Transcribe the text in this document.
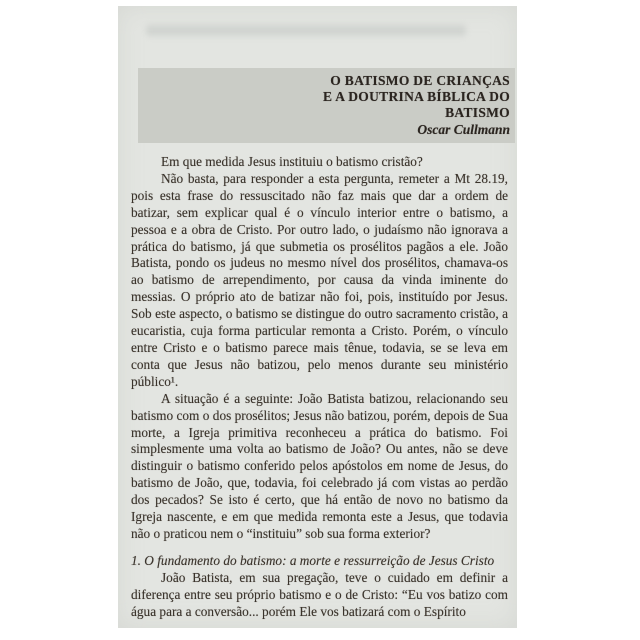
O BATISMO DE CRIANÇAS
E A DOUTRINA BÍBLICA DO
BATISMO
Oscar Cullmann

Em que medida Jesus instituiu o batismo cristão?

Não basta, para responder a esta pergunta, remeter a Mt 28.19, pois esta frase do ressuscitado não faz mais que dar a ordem de batizar, sem explicar qual é o vínculo interior entre o batismo, a pessoa e a obra de Cristo. Por outro lado, o judaísmo não ignorava a prática do batismo, já que submetia os prosélitos pagãos a ele. João Batista, pondo os judeus no mesmo nível dos prosélitos, chamava-os ao batismo de arrependimento, por causa da vinda iminente do messias. O próprio ato de batizar não foi, pois, instituído por Jesus. Sob este aspecto, o batismo se distingue do outro sacramento cristão, a eucaristia, cuja forma particular remonta a Cristo. Porém, o vínculo entre Cristo e o batismo parece mais tênue, todavia, se se leva em conta que Jesus não batizou, pelo menos durante seu ministério público¹.

A situação é a seguinte: João Batista batizou, relacionando seu batismo com o dos prosélitos; Jesus não batizou, porém, depois de Sua morte, a Igreja primitiva reconheceu a prática do batismo. Foi simplesmente uma volta ao batismo de João? Ou antes, não se deve distinguir o batismo conferido pelos apóstolos em nome de Jesus, do batismo de João, que, todavia, foi celebrado já com vistas ao perdão dos pecados? Se isto é certo, que há então de novo no batismo da Igreja nascente, e em que medida remonta este a Jesus, que todavia não o praticou nem o “instituiu” sob sua forma exterior?

1. O fundamento do batismo: a morte e ressurreição de Jesus Cristo

João Batista, em sua pregação, teve o cuidado em definir a diferença entre seu próprio batismo e o de Cristo: “Eu vos batizo com água para a conversão... porém Ele vos batizará com o Espírito
